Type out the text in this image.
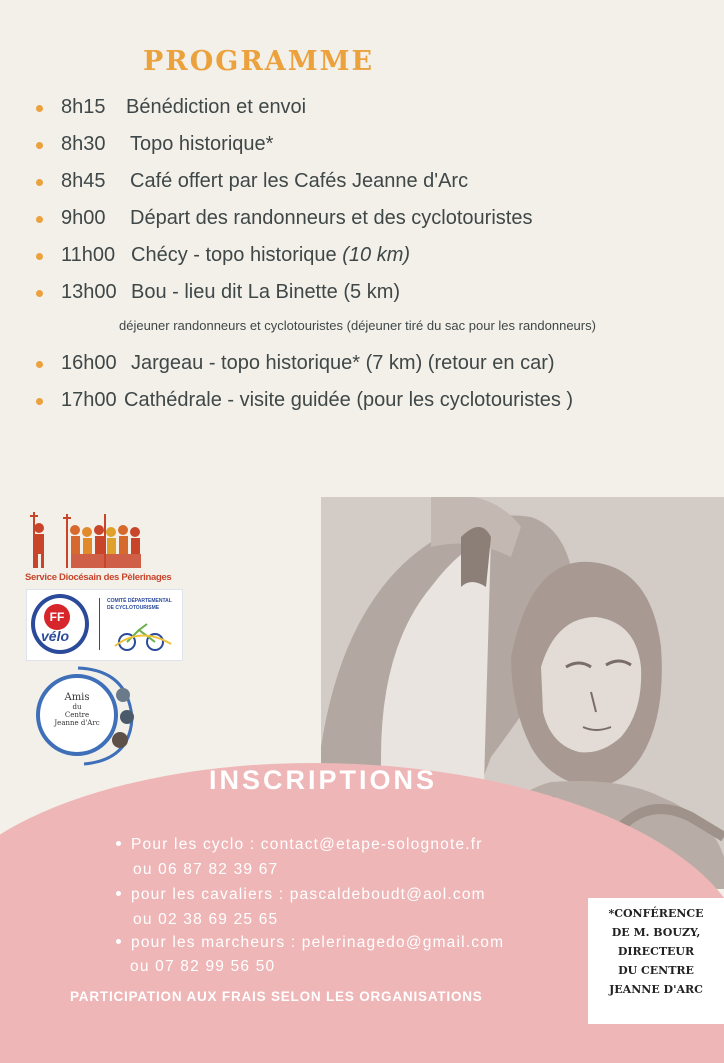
PROGRAMME
8h15 Bénédiction et envoi
8h30 Topo historique*
8h45 Café offert par les Cafés Jeanne d'Arc
9h00 Départ des randonneurs et des cyclotouristes
11h00 Chécy - topo historique (10 km)
13h00 Bou - lieu dit La Binette (5 km)
déjeuner randonneurs et cyclotouristes (déjeuner tiré du sac pour les randonneurs)
16h00 Jargeau - topo historique* (7 km) (retour en car)
17h00 Cathédrale - visite guidée (pour les cyclotouristes )
Service Diocésain des Pèlerinages
FF
vélo
COMITÉ DÉPARTEMENTAL
DE CYCLOTOURISME
Amis
du
Centre
Jeanne d'Arc
INSCRIPTIONS
Pour les cyclo : contact@etape-solognote.fr
ou 06 87 82 39 67
pour les cavaliers : pascaldeboudt@aol.com
ou 02 38 69 25 65
pour les marcheurs : pelerinagedo@gmail.com
ou 07 82 99 56 50
PARTICIPATION AUX FRAIS SELON LES ORGANISATIONS
*CONFÉRENCE
DE M. BOUZY,
DIRECTEUR
DU CENTRE
JEANNE D'ARC
